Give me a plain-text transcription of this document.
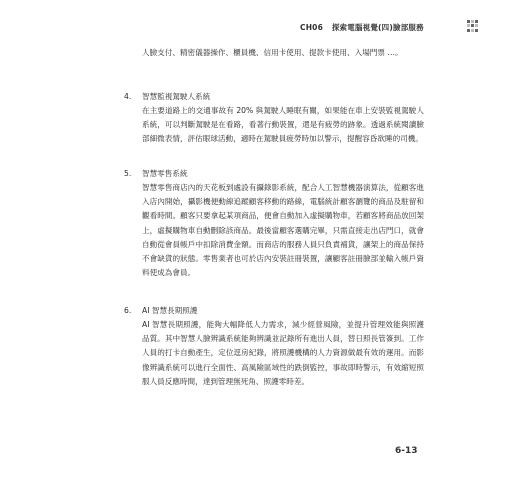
CH06 探索電腦視覺(四)臉部服務

人臉支付、精密儀器操作、櫃員機、信用卡使用、提款卡使用、入場門票 …。

4. 智慧監視駕駛人系統

在主要道路上的交通事故有 20% 與駕駛人睡眠有關，如果能在車上安裝監視駕駛人系統，可以判斷駕駛是在看路，看著行動裝置，還是有疲勞的跡象。透過系統閱讀臉部細微表情，評估眼球活動，適時在駕駛員疲勞時加以警示，提醒容昏欲睡的司機。

5. 智慧零售系統

智慧零售商店內的天花板到處設有攝錄影系統，配合人工智慧機器演算法，從顧客進入店內開始，攝影機便動線追蹤顧客移動的路線，電腦統計顧客瀏覽的商品及駐留和觀看時間。顧客只要拿起某項商品，便會自動加入虛擬購物車，若顧客將商品放回架上，虛擬購物車自動刪除該商品。最後當顧客選購完畢，只需直接走出店門口，就會自動從會員帳戶中扣除消費金額。而商店的服務人員只負責補貨，讓架上的商品保持不會缺貨的狀態。零售業者也可於店內安裝註冊裝置，讓顧客註冊臉部並輸入帳戶資料使成為會員。

6. AI 智慧長期照護

AI 智慧長期照護，能夠大幅降低人力需求，減少經營風險，並提升管理效能與照護品質。其中智慧人臉辨識系統能夠辨識並記錄所有進出人員，替日照長管簽到。工作人員的打卡自動產生，定位逕房紀錄，將照護機構的人力資源做最有效的運用。而影像辨識系統可以進行全面性、高風險區域性的跌倒監控，事故即時警示，有效縮短照服人員反應時間，達到管理無死角、照護零時差。

6-13
